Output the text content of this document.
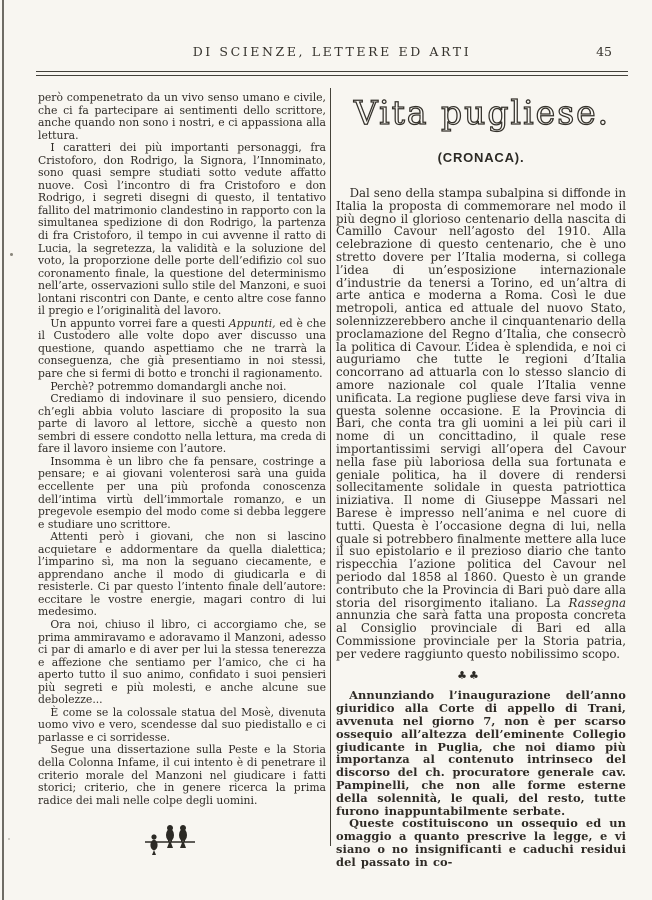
DI SCIENZE, LETTERE ED ARTI	45

però compenetrato da un vivo senso umano e civile, che ci fa partecipare ai sentimenti dello scrittore, anche quando non sono i nostri, e ci appassiona alla lettura.

I caratteri dei più importanti personaggi, fra Cristoforo, don Rodrigo, la Signora, l’Innominato, sono quasi sempre studiati sotto vedute affatto nuove. Così l’incontro di fra Cristoforo e don Rodrigo, i segreti disegni di questo, il tentativo fallito del matrimonio clandestino in rapporto con la simultanea spedizione di don Rodrigo, la partenza di fra Cristoforo, il tempo in cui avvenne il ratto di Lucia, la segretezza, la validità e la soluzione del voto, la proporzione delle porte dell’edifizio col suo coronamento finale, la questione del determinismo nell’arte, osservazioni sullo stile del Manzoni, e suoi lontani riscontri con Dante, e cento altre cose fanno il pregio e l’originalità del lavoro.

Un appunto vorrei fare a questi Appunti, ed è che il Custodero alle volte dopo aver discusso una questione, quando aspettiamo che ne trarrà la conseguenza, che già presentiamo in noi stessi, pare che si fermi di botto e tronchi il ragionamento.

Perchè? potremmo domandargli anche noi.

Crediamo di indovinare il suo pensiero, dicendo ch’egli abbia voluto lasciare di proposito la sua parte di lavoro al lettore, sicchè a questo non sembri di essere condotto nella lettura, ma creda di fare il lavoro insieme con l’autore.

Insomma è un libro che fa pensare, costringe a pensare; e ai giovani volenterosi sarà una guida eccellente per una più profonda conoscenza dell’intima virtù dell’immortale romanzo, e un pregevole esempio del modo come si debba leggere e studiare uno scrittore.

Attenti però i giovani, che non si lascino acquietare e addormentare da quella dialettica; l’imparino sì, ma non la seguano ciecamente, e apprendano anche il modo di giudicarla e di resisterle. Ci par questo l’intento finale dell’autore: eccitare le vostre energie, magari contro di lui medesimo.

Ora noi, chiuso il libro, ci accorgiamo che, se prima ammiravamo e adoravamo il Manzoni, adesso ci par di amarlo e di aver per lui la stessa tenerezza e affezione che sentiamo per l’amico, che ci ha aperto tutto il suo animo, confidato i suoi pensieri più segreti e più molesti, e anche alcune sue debolezze...

È come se la colossale statua del Mosè, divenuta uomo vivo e vero, scendesse dal suo piedistallo e ci parlasse e ci sorridesse.

Segue una dissertazione sulla Peste e la Storia della Colonna Infame, il cui intento è di penetrare il criterio morale del Manzoni nel giudicare i fatti storici; criterio, che in genere ricerca la prima radice dei mali nelle colpe degli uomini.

Vita pugliese.
(CRONACA).

Dal seno della stampa subalpina si diffonde in Italia la proposta di commemorare nel modo il più degno il glorioso centenario della nascita di Camillo Cavour nell’agosto del 1910. Alla celebrazione di questo centenario, che è uno stretto dovere per l’Italia moderna, si collega l’idea di un’esposizione internazionale d’industrie da tenersi a Torino, ed un’altra di arte antica e moderna a Roma. Così le due metropoli, antica ed attuale del nuovo Stato, solennizzerebbero anche il cinquantenario della proclamazione del Regno d’Italia, che consecrò la politica di Cavour. L’idea è splendida, e noi ci auguriamo che tutte le regioni d’Italia concorrano ad attuarla con lo stesso slancio di amore nazionale col quale l’Italia venne unificata. La regione pugliese deve farsi viva in questa solenne occasione. E la Provincia di Bari, che conta tra gli uomini a lei più cari il nome di un concittadino, il quale rese importantissimi servigi all’opera del Cavour nella fase più laboriosa della sua fortunata e geniale politica, ha il dovere di rendersi sollecitamente solidale in questa patriottica iniziativa. Il nome di Giuseppe Massari nel Barese è impresso nell’anima e nel cuore di tutti. Questa è l’occasione degna di lui, nella quale si potrebbero finalmente mettere alla luce il suo epistolario e il prezioso diario che tanto rispecchia l’azione politica del Cavour nel periodo dal 1858 al 1860. Questo è un grande contributo che la Provincia di Bari può dare alla storia del risorgimento italiano. La Rassegna annunzia che sarà fatta una proposta concreta al Consiglio provinciale di Bari ed alla Commissione provinciale per la Storia patria, per vedere raggiunto questo nobilissimo scopo.

♣♣

Annunziando l’inaugurazione dell’anno giuridico alla Corte di appello di Trani, avvenuta nel giorno 7, non è per scarso ossequio all’altezza dell’eminente Collegio giudicante in Puglia, che noi diamo più importanza al contenuto intrinseco del discorso del ch. procuratore generale cav. Pampinelli, che non alle forme esterne della solennità, le quali, del resto, tutte furono inappuntabilmente serbate.

Queste costituiscono un ossequio ed un omaggio a quanto prescrive la legge, e vi siano o no insignificanti e caduchi residui del passato in co-
